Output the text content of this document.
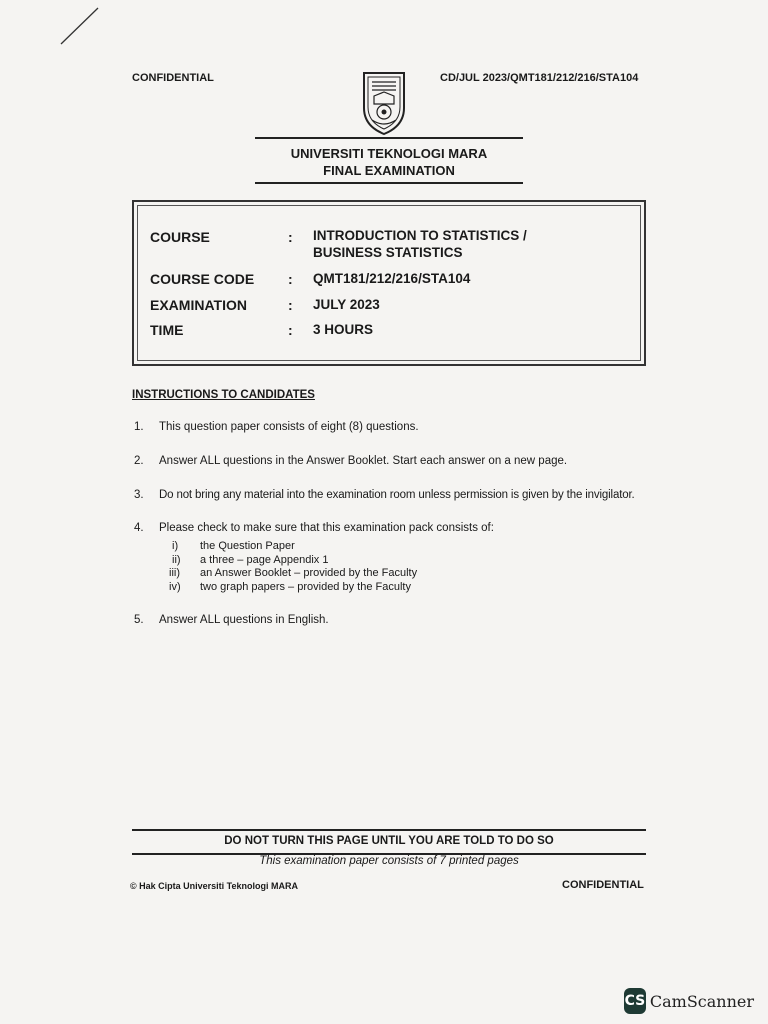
CONFIDENTIAL	CD/JUL 2023/QMT181/212/216/STA104
UNIVERSITI TEKNOLOGI MARA
FINAL EXAMINATION
COURSE	: INTRODUCTION TO STATISTICS /
BUSINESS STATISTICS
COURSE CODE : QMT181/212/216/STA104
EXAMINATION	: JULY 2023
TIME	: 3 HOURS
INSTRUCTIONS TO CANDIDATES
1. This question paper consists of eight (8) questions.
2. Answer ALL questions in the Answer Booklet. Start each answer on a new page.
3. Do not bring any material into the examination room unless permission is given by the invigilator.
4. Please check to make sure that this examination pack consists of:
i) the Question Paper
ii) a three – page Appendix 1
iii) an Answer Booklet – provided by the Faculty
iv) two graph papers – provided by the Faculty
5. Answer ALL questions in English.
DO NOT TURN THIS PAGE UNTIL YOU ARE TOLD TO DO SO
This examination paper consists of 7 printed pages
© Hak Cipta Universiti Teknologi MARA	CONFIDENTIAL
CS CamScanner
